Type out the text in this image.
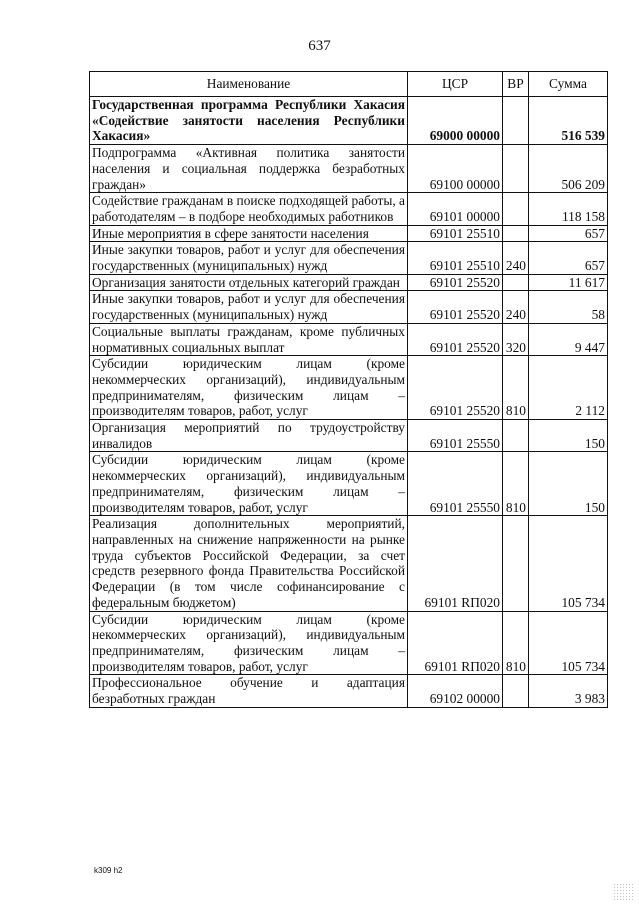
637
Наименование	ЦСР	ВР	Сумма
Государственная программа Республики Хакасия «Содействие занятости населения Республики Хакасия»	69000 00000		516 539
Подпрограмма «Активная политика занятости населения и социальная поддержка безработных граждан»	69100 00000		506 209
Содействие гражданам в поиске подходящей работы, а работодателям – в подборе необходимых работников	69101 00000		118 158
Иные мероприятия в сфере занятости населения	69101 25510		657
Иные закупки товаров, работ и услуг для обеспечения государственных (муниципальных) нужд	69101 25510	240	657
Организация занятости отдельных категорий граждан	69101 25520		11 617
Иные закупки товаров, работ и услуг для обеспечения государственных (муниципальных) нужд	69101 25520	240	58
Социальные выплаты гражданам, кроме публичных нормативных социальных выплат	69101 25520	320	9 447
Субсидии юридическим лицам (кроме некоммерческих организаций), индивидуальным предпринимателям, физическим лицам – производителям товаров, работ, услуг	69101 25520	810	2 112
Организация мероприятий по трудоустройству инвалидов	69101 25550		150
Субсидии юридическим лицам (кроме некоммерческих организаций), индивидуальным предпринимателям, физическим лицам – производителям товаров, работ, услуг	69101 25550	810	150
Реализация дополнительных мероприятий, направленных на снижение напряженности на рынке труда субъектов Российской Федерации, за счет средств резервного фонда Правительства Российской Федерации (в том числе софинансирование с федеральным бюджетом)	69101 RП020		105 734
Субсидии юридическим лицам (кроме некоммерческих организаций), индивидуальным предпринимателям, физическим лицам – производителям товаров, работ, услуг	69101 RП020	810	105 734
Профессиональное обучение и адаптация безработных граждан	69102 00000		3 983
k309 h2
